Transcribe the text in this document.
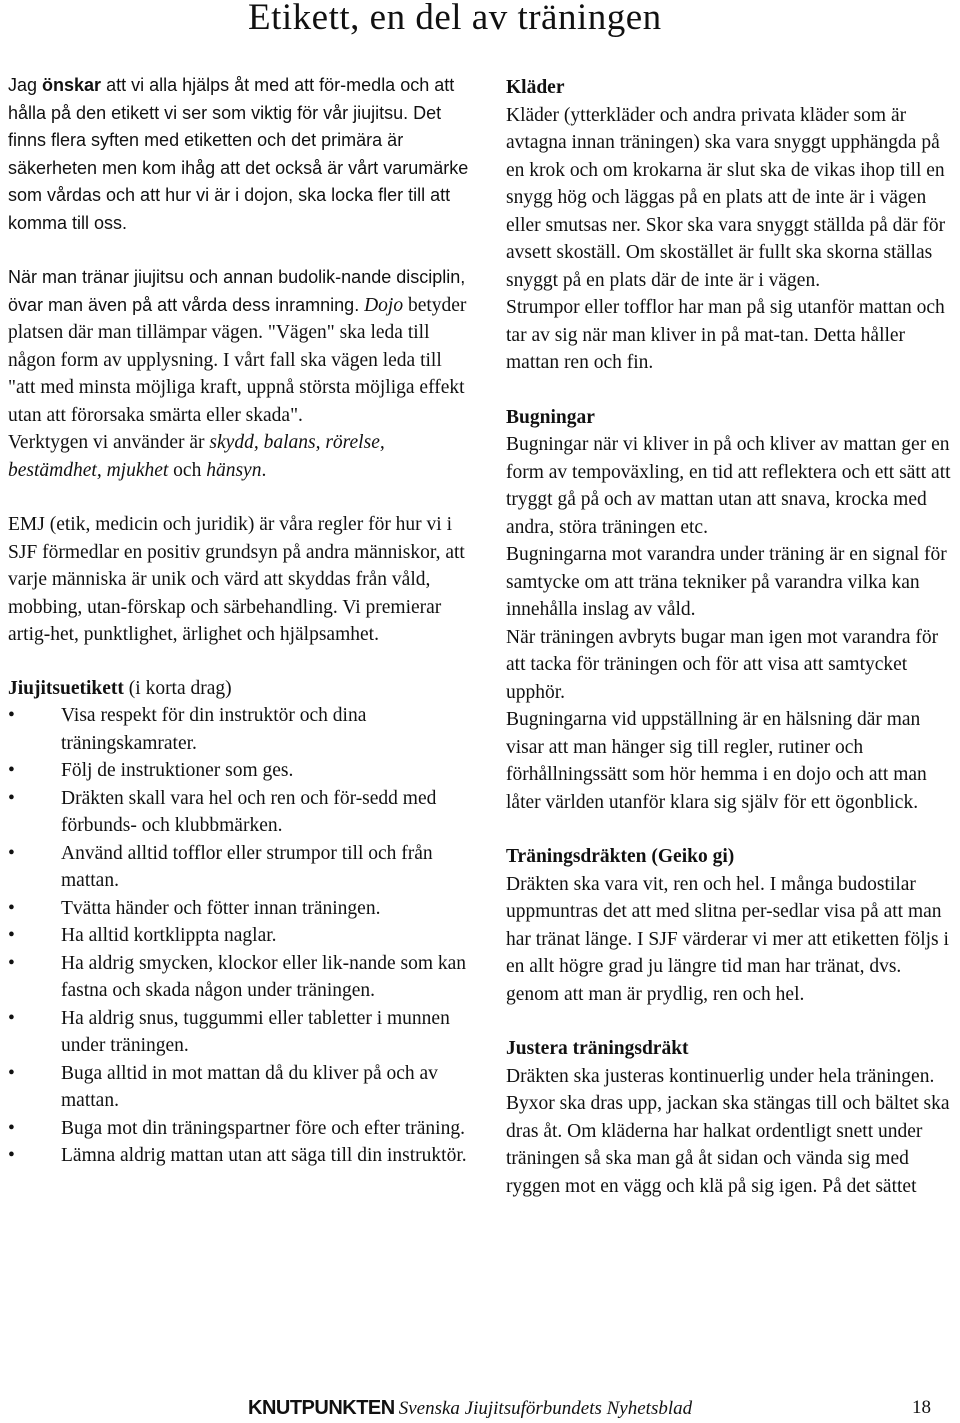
Etikett, en del av träningen

Jag önskar att vi alla hjälps åt med att för-medla och att hålla på den etikett vi ser som viktig för vår jiujitsu. Det finns flera syften med etiketten och det primära är säkerheten men kom ihåg att det också är vårt varumärke som vårdas och att hur vi är i dojon, ska locka fler till att komma till oss.

När man tränar jiujitsu och annan budolik-nande disciplin, övar man även på att vårda dess inramning. Dojo betyder platsen där man tillämpar vägen. "Vägen" ska leda till någon form av upplysning. I vårt fall ska vägen leda till "att med minsta möjliga kraft, uppnå största möjliga effekt utan att förorsaka smärta eller skada".

Verktygen vi använder är skydd, balans, rörelse, bestämdhet, mjukhet och hänsyn.

EMJ (etik, medicin och juridik) är våra regler för hur vi i SJF förmedlar en positiv grundsyn på andra människor, att varje människa är unik och värd att skyddas från våld, mobbing, utan-förskap och särbehandling. Vi premierar artig-het, punktlighet, ärlighet och hjälpsamhet.

Jiujitsuetikett (i korta drag)

• Visa respekt för din instruktör och dina träningskamrater.
• Följ de instruktioner som ges.
• Dräkten skall vara hel och ren och för-sedd med förbunds- och klubbmärken.
• Använd alltid tofflor eller strumpor till och från mattan.
• Tvätta händer och fötter innan träningen.
• Ha alltid kortklippta naglar.
• Ha aldrig smycken, klockor eller lik-nande som kan fastna och skada någon under träningen.
• Ha aldrig snus, tuggummi eller tabletter i munnen under träningen.
• Buga alltid in mot mattan då du kliver på och av mattan.
• Buga mot din träningspartner före och efter träning.
• Lämna aldrig mattan utan att säga till din instruktör.

Kläder

Kläder (ytterkläder och andra privata kläder som är avtagna innan träningen) ska vara snyggt upphängda på en krok och om krokarna är slut ska de vikas ihop till en snygg hög och läggas på en plats att de inte är i vägen eller smutsas ner. Skor ska vara snyggt ställda på där för avsett skoställ. Om skostället är fullt ska skorna ställas snyggt på en plats där de inte är i vägen.

Strumpor eller tofflor har man på sig utanför mattan och tar av sig när man kliver in på mat-tan. Detta håller mattan ren och fin.

Bugningar

Bugningar när vi kliver in på och kliver av mattan ger en form av tempoväxling, en tid att reflektera och ett sätt att tryggt gå på och av mattan utan att snava, krocka med andra, störa träningen etc.

Bugningarna mot varandra under träning är en signal för samtycke om att träna tekniker på varandra vilka kan innehålla inslag av våld.

När träningen avbryts bugar man igen mot varandra för att tacka för träningen och för att visa att samtycket upphör.

Bugningarna vid uppställning är en hälsning där man visar att man hänger sig till regler, rutiner och förhållningssätt som hör hemma i en dojo och att man låter världen utanför klara sig själv för ett ögonblick.

Träningsdräkten (Geiko gi)

Dräkten ska vara vit, ren och hel. I många budostilar uppmuntras det att med slitna per-sedlar visa på att man har tränat länge. I SJF värderar vi mer att etiketten följs i en allt högre grad ju längre tid man har tränat, dvs. genom att man är prydlig, ren och hel.

Justera träningsdräkt

Dräkten ska justeras kontinuerlig under hela träningen. Byxor ska dras upp, jackan ska stängas till och bältet ska dras åt. Om kläderna har halkat ordentligt snett under träningen så ska man gå åt sidan och vända sig med ryggen mot en vägg och klä på sig igen. På det sättet

KNUTPUNKTEN Svenska Jiujitsuförbundets Nyhetsblad	18
